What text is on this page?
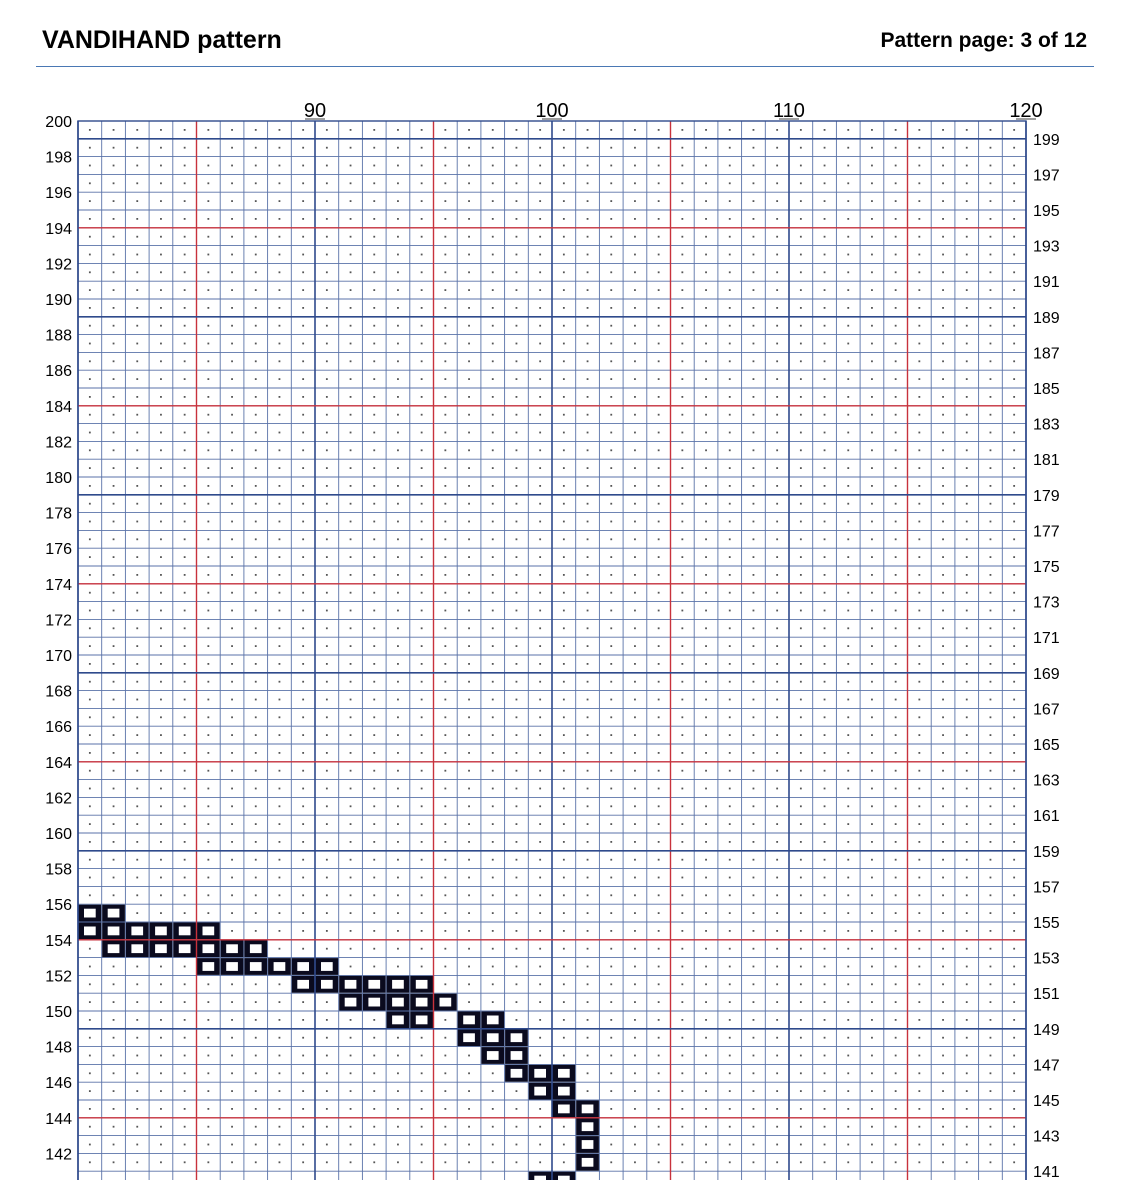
VANDIHAND pattern	Pattern page: 3 of 12
90	100	110	120
200
198
196
194
192
190
188
186
184
182
180
178
176
174
172
170
168
166
164
162
160
158
156
154
152
150
148
146
144
142
199
197
195
193
191
189
187
185
183
181
179
177
175
173
171
169
167
165
163
161
159
157
155
153
151
149
147
145
143
141
